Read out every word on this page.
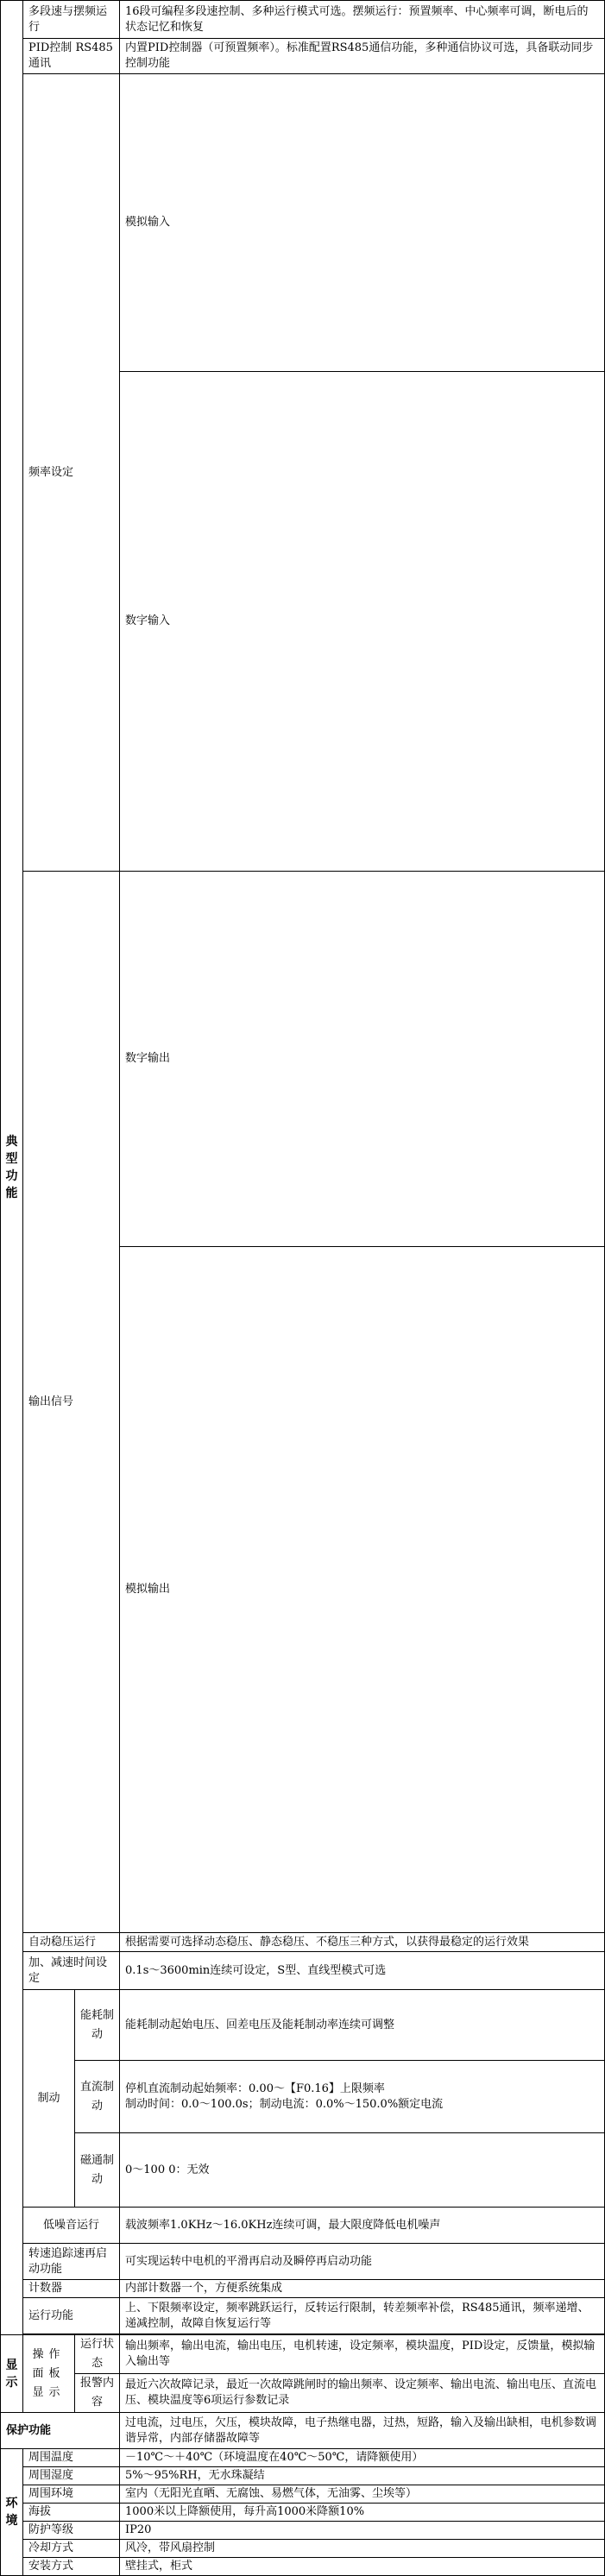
典型功能	多段速与摆频运行		16段可编程多段速控制、多种运行模式可选。摆频运行：预置频率、中心频率可调，断电后的状态记忆和恢复	
	PID控制 RS485通讯		内置PID控制器（可预置频率）。标准配置RS485通信功能，多种通信协议可选，具备联动同步控制功能	
	频率设定		模拟输入	
			数字输入	
	输出信号		数字输出	
			模拟输出	
	自动稳压运行		根据需要可选择动态稳压、静态稳压、不稳压三种方式，以获得最稳定的运行效果	
	加、减速时间设定		0.1s～3600min连续可设定，S型、直线型模式可选	
	制动	能耗制动	能耗制动起始电压、回差电压及能耗制动率连续可调整	
		直流制动	停机直流制动起始频率：0.00～【F0.16】上限频率
制动时间：0.0～100.0s；制动电流：0.0%～150.0%额定电流	

		磁通制动	0～100 0：无效	
	低噪音运行		载波频率1.0KHz～16.0KHz连续可调，最大限度降低电机噪声	
	转速追踪速再启动功能		可实现运转中电机的平滑再启动及瞬停再启动功能	
	计数器		内部计数器一个，方便系统集成	
	运行功能		上、下限频率设定，频率跳跃运行，反转运行限制，转差频率补偿，RS485通讯，频率递增、递减控制，故障自恢复运行等	

显示	操作面板显示	运行状态	输出频率，输出电流，输出电压，电机转速，设定频率，模块温度，PID设定，反馈量，模拟输入输出等	
		报警内容	最近六次故障记录，最近一次故障跳闸时的输出频率、设定频率、输出电流、输出电压、直流电压、模块温度等6项运行参数记录	
保护功能			过电流，过电压，欠压，模块故障，电子热继电器，过热，短路，输入及输出缺相，电机参数调谐异常，内部存储器故障等	
环境	周围温度		－10℃～＋40℃（环境温度在40℃～50℃，请降额使用）	
	周围湿度		5%～95%RH，无水珠凝结	
	周围环境		室内（无阳光直晒、无腐蚀、易燃气体，无油雾、尘埃等）	
	海拔		1000米以上降额使用，每升高1000米降额10%	
	防护等级		IP20	
	冷却方式		风冷，带风扇控制	
	安装方式		壁挂式，柜式	
